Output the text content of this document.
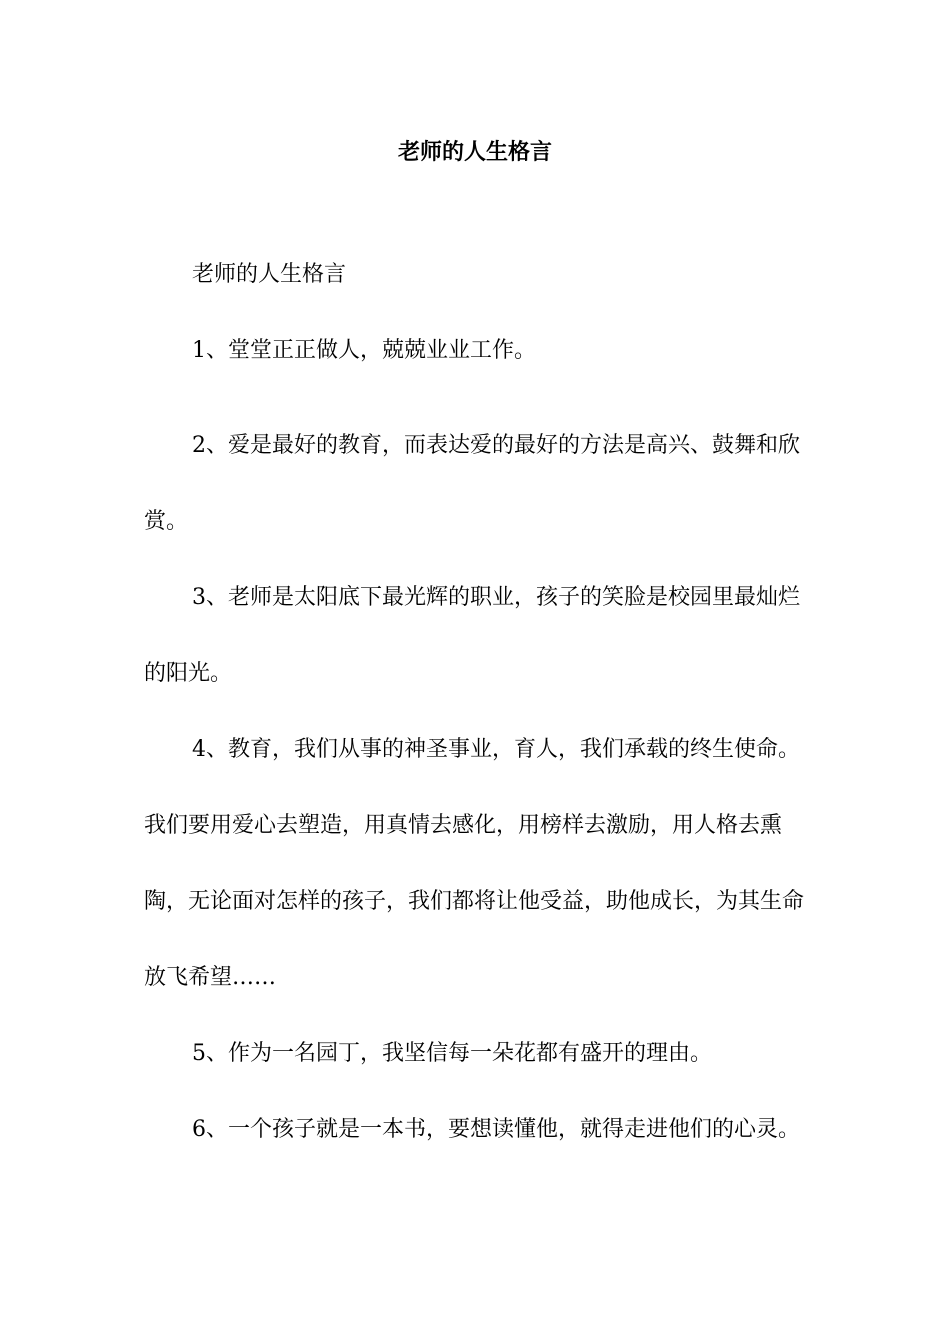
老师的人生格言

老师的人生格言

1、堂堂正正做人，兢兢业业工作。

2、爱是最好的教育，而表达爱的最好的方法是高兴、鼓舞和欣赏。

3、老师是太阳底下最光辉的职业，孩子的笑脸是校园里最灿烂的阳光。

4、教育，我们从事的神圣事业，育人，我们承载的终生使命。我们要用爱心去塑造，用真情去感化，用榜样去激励，用人格去熏陶，无论面对怎样的孩子，我们都将让他受益，助他成长，为其生命放飞希望……

5、作为一名园丁，我坚信每一朵花都有盛开的理由。

6、一个孩子就是一本书，要想读懂他，就得走进他们的心灵。
